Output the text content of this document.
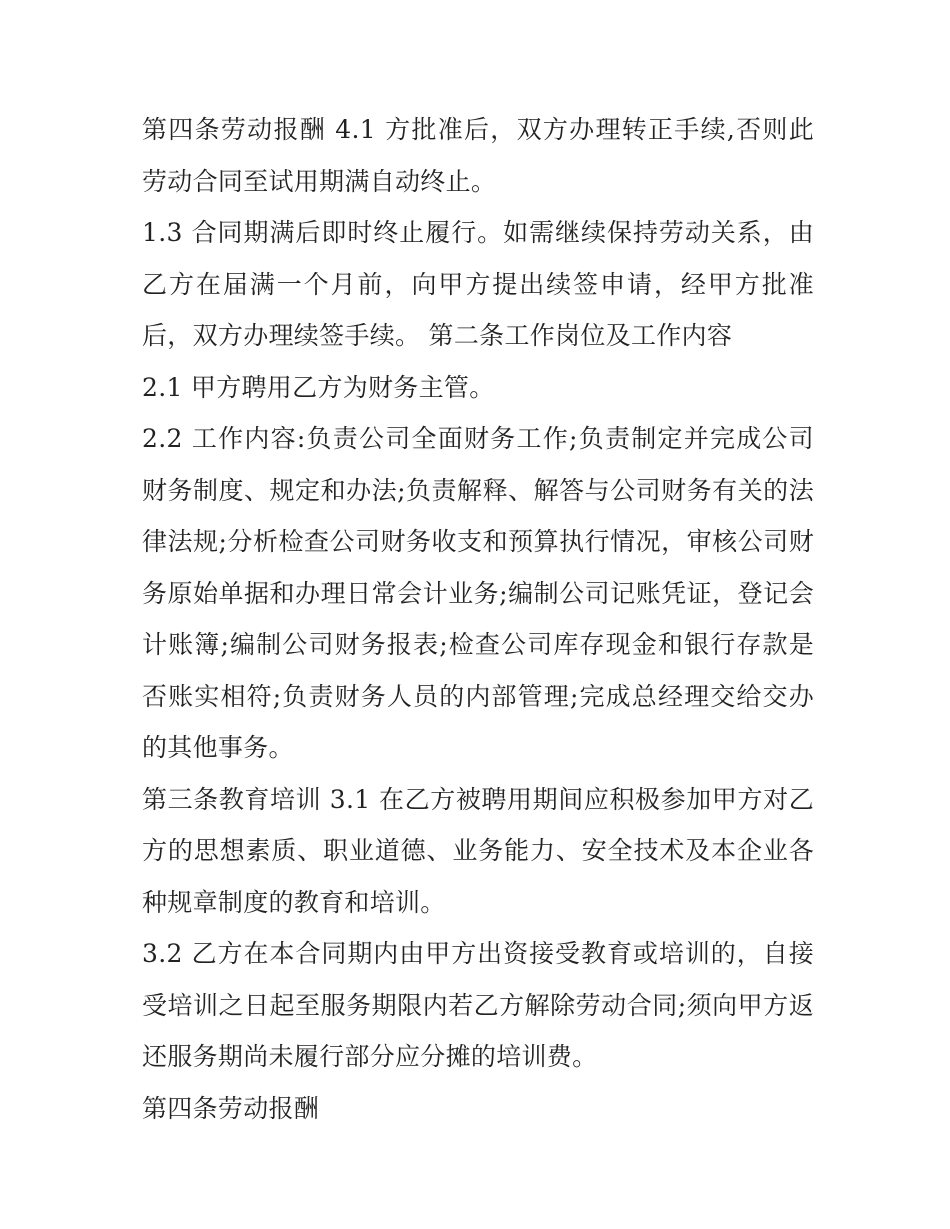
第四条劳动报酬 4.1 方批准后，双方办理转正手续,否则此劳动合同至试用期满自动终止。

1.3 合同期满后即时终止履行。如需继续保持劳动关系，由乙方在届满一个月前，向甲方提出续签申请，经甲方批准后，双方办理续签手续。 第二条工作岗位及工作内容

2.1 甲方聘用乙方为财务主管。

2.2 工作内容:负责公司全面财务工作;负责制定并完成公司财务制度、规定和办法;负责解释、解答与公司财务有关的法律法规;分析检查公司财务收支和预算执行情况，审核公司财务原始单据和办理日常会计业务;编制公司记账凭证，登记会计账簿;编制公司财务报表;检查公司库存现金和银行存款是否账实相符;负责财务人员的内部管理;完成总经理交给交办的其他事务。

第三条教育培训 3.1 在乙方被聘用期间应积极参加甲方对乙方的思想素质、职业道德、业务能力、安全技术及本企业各种规章制度的教育和培训。

3.2 乙方在本合同期内由甲方出资接受教育或培训的，自接受培训之日起至服务期限内若乙方解除劳动合同;须向甲方返还服务期尚未履行部分应分摊的培训费。

第四条劳动报酬
